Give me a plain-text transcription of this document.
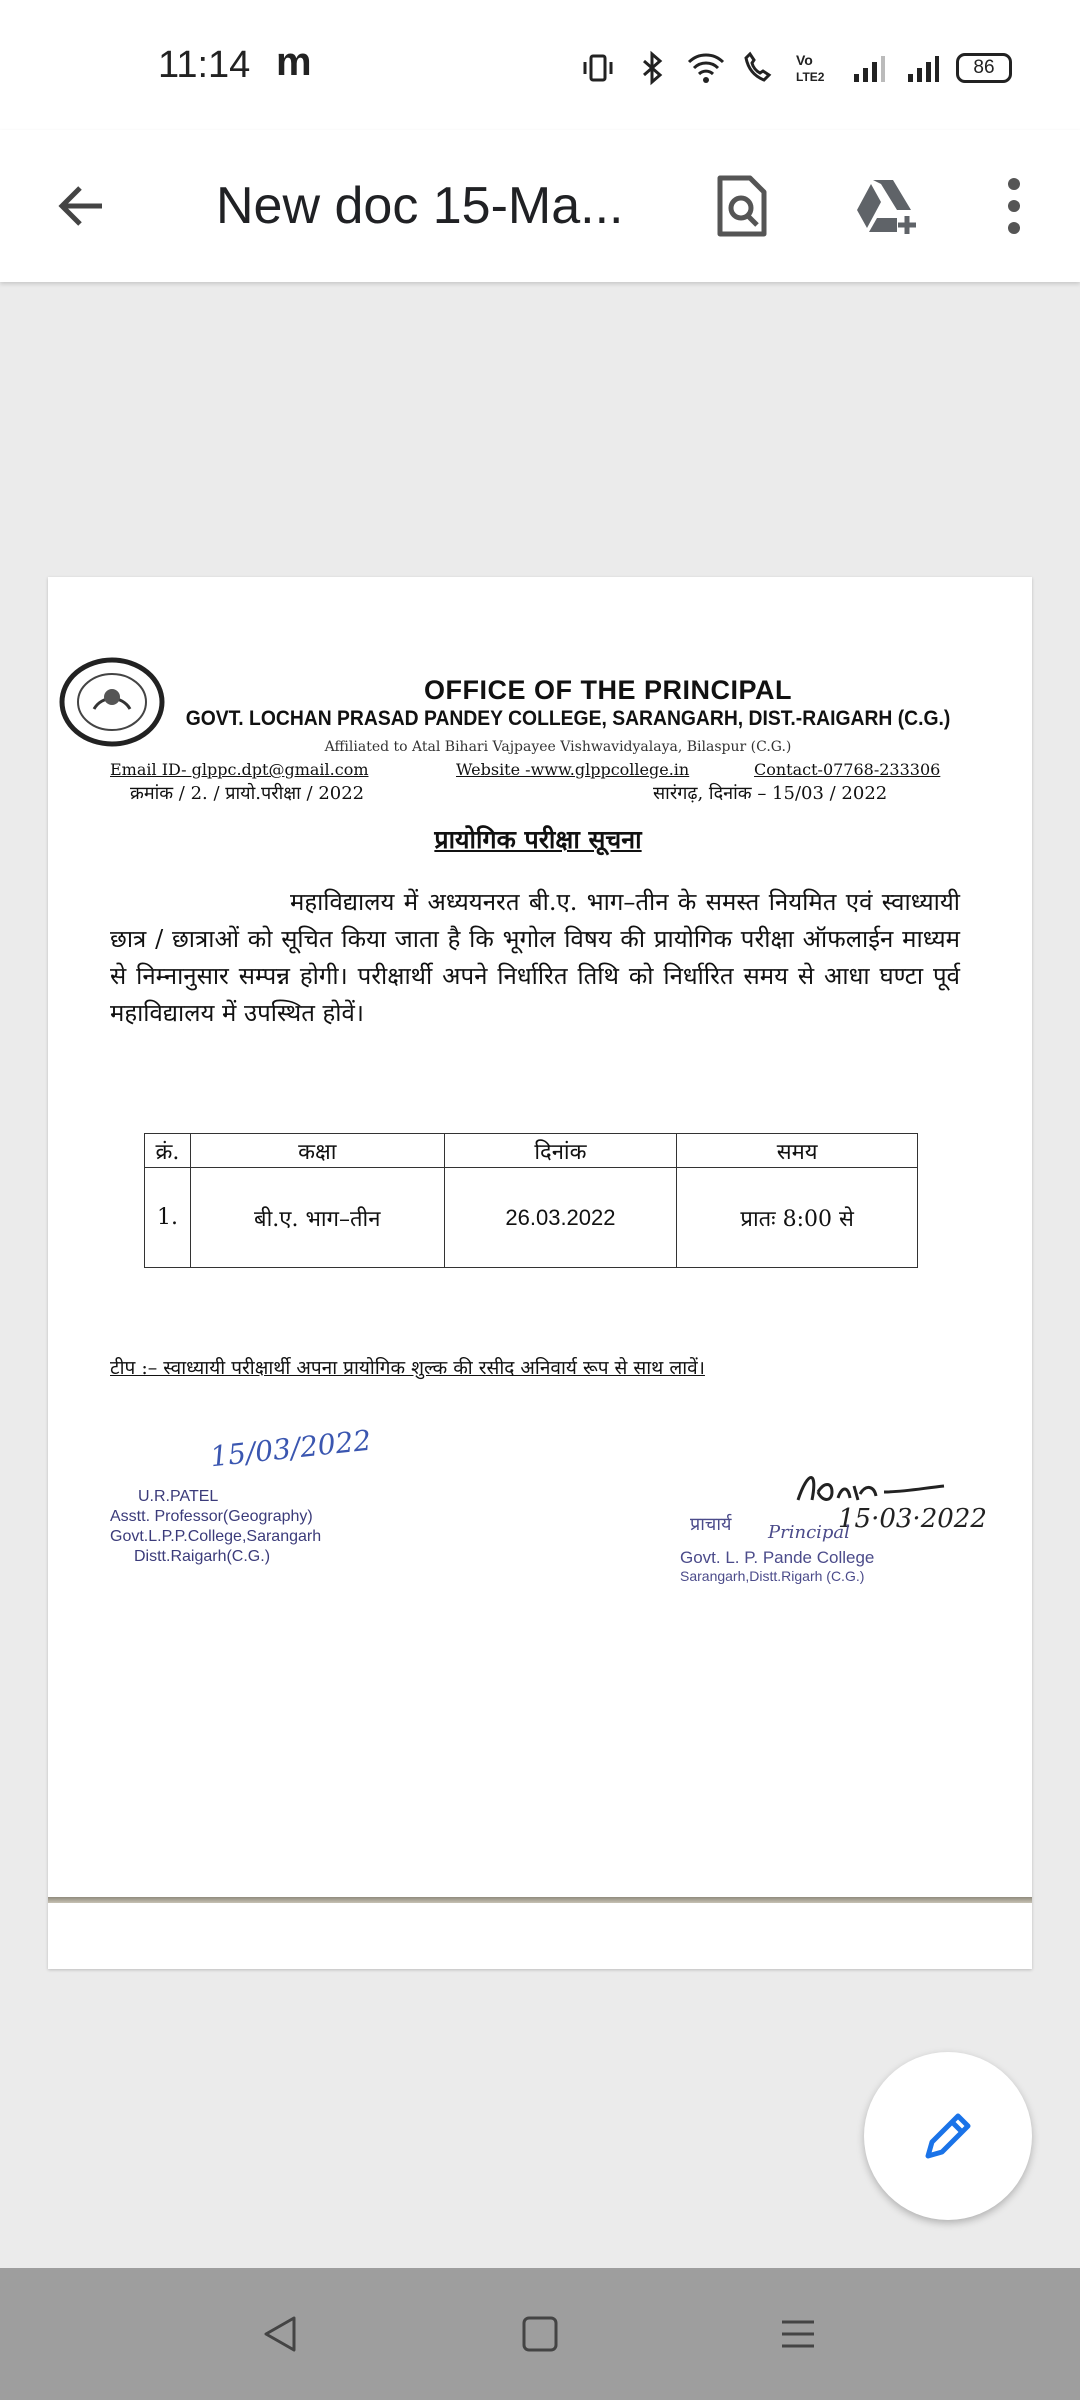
11:14 m	Vo
LTE2	86
New doc 15-Ma...
OFFICE OF THE PRINCIPAL
GOVT. LOCHAN PRASAD PANDEY COLLEGE, SARANGARH, DIST.-RAIGARH (C.G.)
Affiliated to Atal Bihari Vajpayee Vishwavidyalaya, Bilaspur (C.G.)
Email ID- glppc.dpt@gmail.com	Website -www.glppcollege.in	Contact-07768-233306
क्रमांक / 2. / प्रायो.परीक्षा / 2022	सारंगढ़, दिनांक – 15/03 / 2022
प्रायोगिक परीक्षा सूचना
महाविद्यालय में अध्ययनरत बी.ए. भाग–तीन के समस्त नियमित एवं स्वाध्यायी छात्र / छात्राओं को सूचित किया जाता है कि भूगोल विषय की प्रायोगिक परीक्षा ऑफलाईन माध्यम से निम्नानुसार सम्पन्न होगी। परीक्षार्थी अपने निर्धारित तिथि को निर्धारित समय से आधा घण्टा पूर्व महाविद्यालय में उपस्थित होवें।
क्रं.	कक्षा	दिनांक	समय
1.	बी.ए. भाग–तीन	26.03.2022	प्रातः 8:00 से
टीप :– स्वाध्यायी परीक्षार्थी अपना प्रायोगिक शुल्क की रसीद अनिवार्य रूप से साथ लावें।
15/03/2022
U.R.PATEL
Asstt. Professor(Geography)
Govt.L.P.P.College,Sarangarh
Distt.Raigarh(C.G.)
15·03·2022
प्राचार्य Principal
Govt. L. P. Pande College
Sarangarh,Distt.Rigarh (C.G.)
